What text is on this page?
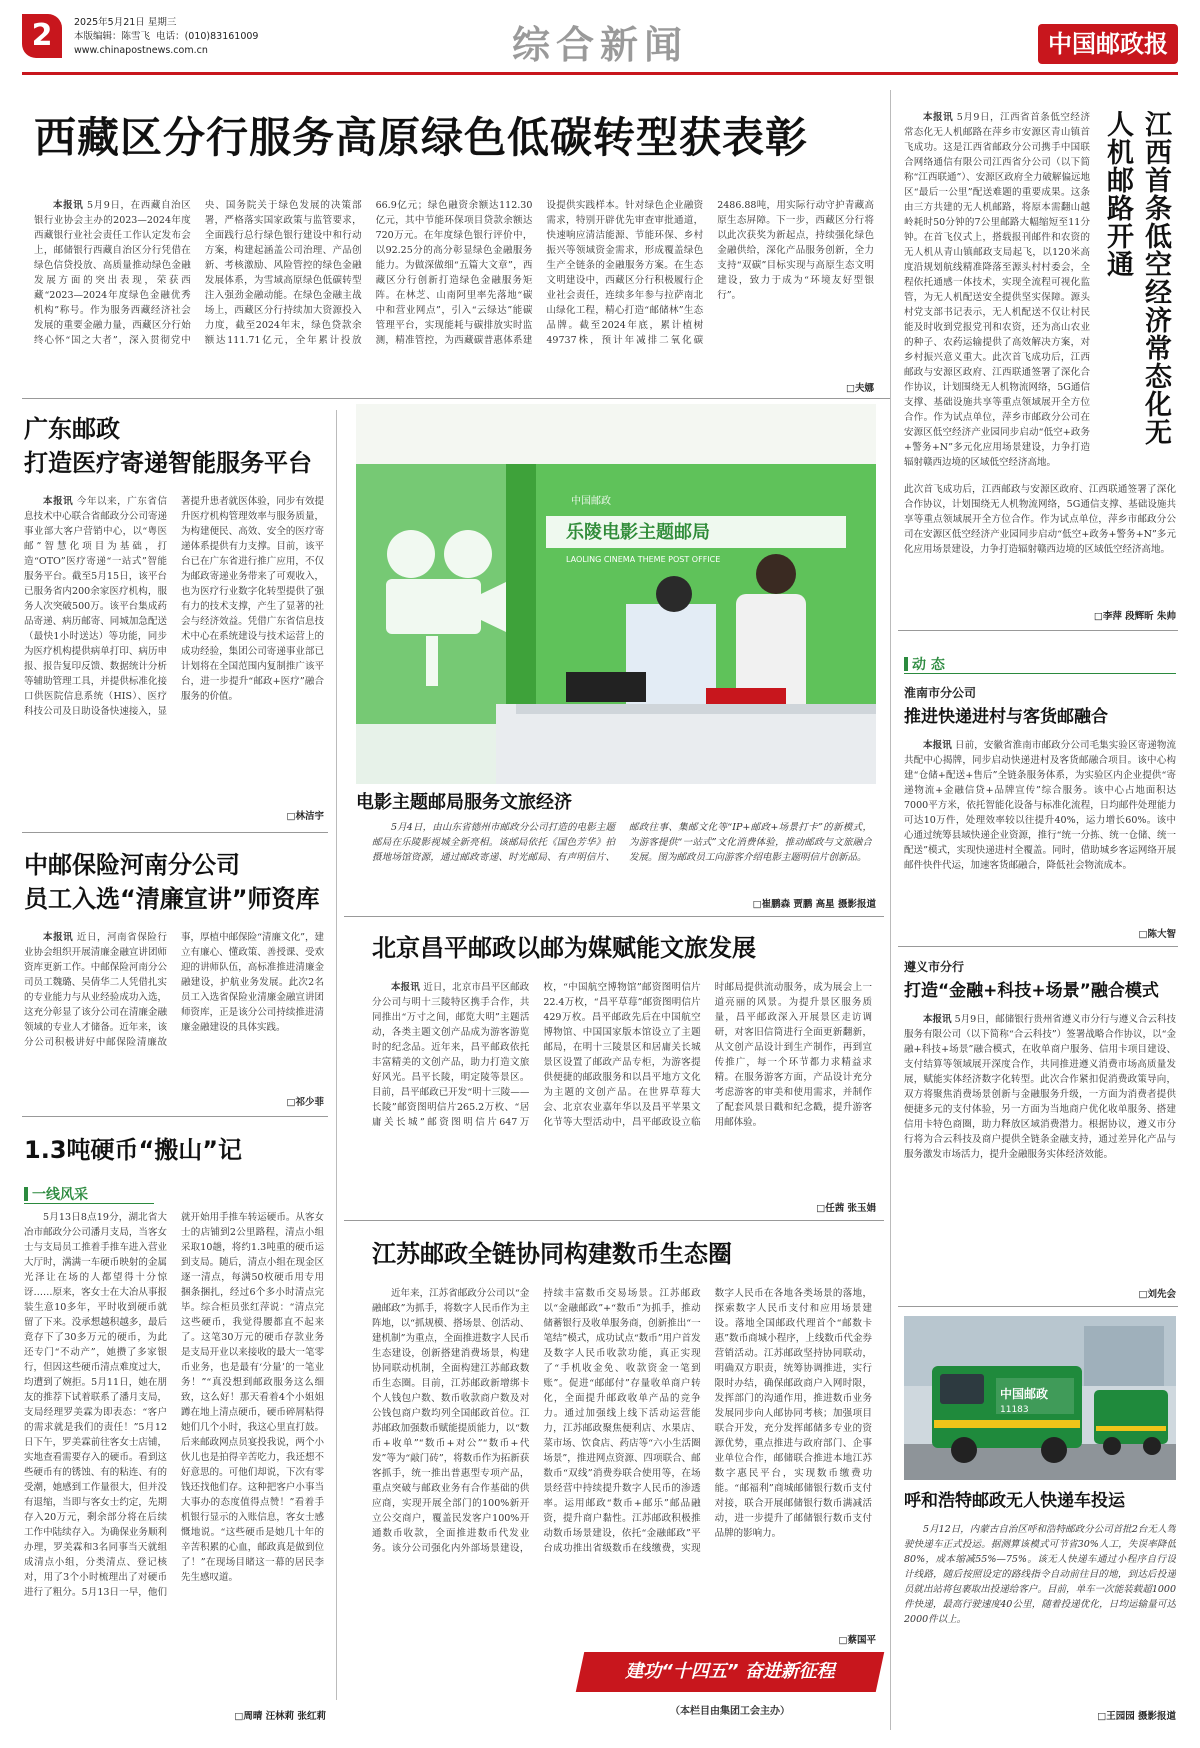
2	2025年5月21日 星期三
本版编辑：陈雪飞 电话：(010)83161009
www.chinapostnews.com.cn	综合新闻	中国邮政报
西藏区分行服务高原绿色低碳转型获表彰

本报讯 5月9日，在西藏自治区银行业协会主办的2023—2024年度西藏银行业社会责任工作认定发布会上，邮储银行西藏自治区分行凭借在绿色信贷投放、高质量推动绿色金融发展方面的突出表现，荣获西藏“2023—2024年度绿色金融优秀机构”称号。作为服务西藏经济社会发展的重要金融力量，西藏区分行始终心怀“国之大者”，深入贯彻党中央、国务院关于绿色发展的决策部署，严格落实国家政策与监管要求，全面践行总行绿色银行建设中和行动方案，构建起涵盖公司治理、产品创新、考核激励、风险管控的绿色金融发展体系，为雪域高原绿色低碳转型注入强劲金融动能。在绿色金融主战场上，西藏区分行持续加大资源投入力度，截至2024年末，绿色贷款余额达111.71亿元，全年累计投放66.9亿元；绿色融资余额达112.30亿元，其中节能环保项目贷款余额达720万元。在年度绿色银行评价中，以92.25分的高分彰显绿色金融服务能力。为做深做细“五篇大文章”，西藏区分行创新打造绿色金融服务矩阵。在林芝、山南阿里率先落地“碳中和营业网点”，引入“云绿达”能碳管理平台，实现能耗与碳排放实时监测，精准管控，为西藏碳普惠体系建设提供实践样本。针对绿色企业融资需求，特别开辟优先审查审批通道，快速响应清洁能源、节能环保、乡村振兴等领域资金需求，形成覆盖绿色生产全链条的金融服务方案。在生态文明建设中，西藏区分行积极履行企业社会责任，连续多年参与拉萨南北山绿化工程，精心打造“邮储林”生态品牌。截至2024年底，累计植树49737株，预计年减排二氧化碳2486.88吨，用实际行动守护青藏高原生态屏障。下一步，西藏区分行将以此次获奖为新起点，持续强化绿色金融供给，深化产品服务创新，全力支持“双碳”目标实现与高原生态文明建设，致力于成为“环境友好型银行”。

□夫娜
广东邮政
打造医疗寄递智能服务平台

本报讯 今年以来，广东省信息技术中心联合省邮政分公司寄递事业部大客户营销中心，以“粤医邮”智慧化项目为基础，打造“OTO”医疗寄递“一站式”智能服务平台。截至5月15日，该平台已服务省内200余家医疗机构，服务人次突破500万。该平台集成药品寄递、病历邮寄、同城加急配送（最快1小时送达）等功能，同步为医疗机构提供病单打印、病历申报、报告复印反馈、数据统计分析等辅助管理工具，并提供标准化接口供医院信息系统（HIS）、医疗科技公司及日助设备快速接入，显著提升患者就医体验，同步有效提升医疗机构管理效率与服务质量，为构建便民、高效、安全的医疗寄递体系提供有力支撑。目前，该平台已在广东省进行推广应用，不仅为邮政寄递业务带来了可观收入，也为医疗行业数字化转型提供了强有力的技术支撑，产生了显著的社会与经济效益。凭借广东省信息技术中心在系统建设与技术运营上的成功经验，集团公司寄递事业部已计划将在全国范围内复制推广该平台，进一步提升“邮政+医疗”融合服务的价值。

□林洁宇
中邮保险河南分公司
员工入选“清廉宣讲”师资库

本报讯 近日，河南省保险行业协会组织开展清廉金融宣讲团师资库更新工作。中邮保险河南分公司员工魏璐、吴倩华二人凭借扎实的专业能力与从业经验成功入选，这充分彰显了该分公司在清廉金融领域的专业人才储备。近年来，该分公司积极讲好中邮保险清廉故事，厚植中邮保险“清廉文化”，建立有廉心、懂政策、善授课、受欢迎的讲师队伍，高标准推进清廉金融建设，护航业务发展。此次2名员工入选省保险业清廉金融宣讲团师资库，正是该分公司持续推进清廉金融建设的具体实践。

□祁少菲
1.3吨硬币“搬山”记
一线风采

5月13日8点19分，湖北省大冶市邮政分公司潘月支局，当客女士与支局员工推着手推车进入营业大厅时，满满一车硬币映射的金属光泽让在场的人都望得十分惊讶……原来，客女士在大冶从事报装生意10多年，平时收到硬币就留了下来。没承想越积越多，最后竟存下了30多万元的硬币，为此还专门“不动产”，她攒了多家银行，但因这些硬币清点难度过大，均遭到了婉拒。5月11日，她在朋友的推荐下试着联系了潘月支局，支局经理罗美霖为即表态：“客户的需求就是我们的责任！”5月12日下午，罗美霖前往客女士店铺，实地查看需要存入的硬币。看到这些硬币有的锈蚀、有的粘连、有的受潮，她感到工作量很大，但并没有退缩，当即与客女士约定，先期存入20万元，剩余部分将在后续工作中陆续存入。为确保业务顺利办理，罗美霖和3名同事当天就组成清点小组，分类清点、登记核对，用了3个小时梳理出了对硬币进行了粗分。5月13日一早，他们就开始用手推车转运硬币。从客女士的店铺到2公里路程，清点小组采取10趟，将约1.3吨重的硬币运到支局。随后，清点小组在现金区逐一清点，每满50枚硬币用专用捆条捆扎，经过6个多小时清点完毕。综合柜员张红萍说：“清点完这些硬币，我觉得腰都直不起来了。这笔30万元的硬币存款业务是支局开业以来接收的最大一笔零币业务，也是最有‘分量’的一笔业务！”“真没想到邮政服务这么细致，这么好！那天看着4个小姐姐蹲在地上清点硬币，硬币碎屑粘得她们几个小时，我这心里直打鼓。后来邮政网点员宴投我说，两个小伙儿也是拍得辛苦吃力，我还想不好意思的。可他们却说，下次有零钱还找他们存。这种把客户小事当大事办的态度值得点赞！”看着手机银行显示的入账信息，客女士感慨地说。“这些硬币是她几十年的辛苦积累的心血，邮政真是做到位了！”在现场目睹这一幕的居民李先生感叹道。

□周晴 汪林莉 张红莉
乐陵电影主题邮局
LAOLING CINEMA THEME POST OFFICE
中国邮政
电影主题邮局服务文旅经济

5月4日，由山东省德州市邮政分公司打造的电影主题邮局在乐陵影视城全新亮相。该邮局依托《国色芳华》拍摄地场馆资源，通过邮政寄递、时光邮局、有声明信片、邮政往事、集邮文化等“IP+邮政+场景打卡”的新模式，为游客提供“一站式”文化消费体验，推动邮政与文旅融合发展。图为邮政员工向游客介绍电影主题明信片创新品。

□崔鹏森 贾鹏 高星 摄影报道
北京昌平邮政以邮为媒赋能文旅发展

本报讯 近日，北京市昌平区邮政分公司与明十三陵特区携手合作，共同推出“万寸之间，邮览大明”主题活动，各类主题文创产品成为游客游览时的纪念品。近年来，昌平邮政依托丰富精美的文创产品，助力打造文旅好风光。昌平长陵，明定陵等景区。目前，昌平邮政已开发“明十三陵——长陵”邮资图明信片265.2万枚、“居庸关长城”邮资图明信片647万枚，“中国航空博物馆”邮资图明信片22.4万枚，“昌平草莓”邮资图明信片429万枚。昌平邮政先后在中国航空博物馆、中国国家版本馆设立了主题邮局，在明十三陵景区和居庸关长城景区设置了邮政产品专柜，为游客提供便捷的邮政服务和以昌平地方文化为主题的文创产品。在世界草莓大会、北京农业嘉年华以及昌平苹果文化节等大型活动中，昌平邮政设立临时邮局提供流动服务，成为展会上一道亮丽的风景。为提升景区服务质量，昌平邮政深入开展景区走访调研，对客旧信筒进行全面更新翻新，从文创产品设计到生产制作，再到宣传推广，每一个环节都力求精益求精。在服务游客方面，产品设计充分考虑游客的审美和使用需求，并制作了配套风景日戳和纪念戳，提升游客用邮体验。

□任茜 张玉娟
江苏邮政全链协同构建数币生态圈

近年来，江苏省邮政分公司以“金融邮政”为抓手，将数字人民币作为主阵地，以“抓规模、搭场景、创活动、建机制”为重点，全面推进数字人民币生态建设，创新搭建消费场景，构建协同联动机制，全面构建江苏邮政数币生态圈。目前，江苏邮政新增绑卡个人钱包户数、数币收款商户数及对公钱包商户数均列全国邮政首位。江苏邮政加强数币赋能提质能力，以“数币+收单”“数币+对公”“数币+代发”等为“敲门砖”，将数币作为拓新获客抓手，统一推出普惠型专项产品，重点突破与邮政业务有合作基础的供应商，实现开展全部门的100%新开立公交商户，覆盖民发客户100%开通数币收款，全面推进数币代发业务。该分公司强化内外部场景建设，持续丰富数币交易场景。江苏邮政以“金融邮政”+“数币”为抓手，推动储蓄银行及收单服务商，创新推出“一笔结”模式，成功试点“数币”用户首发及数字人民币收款功能，真正实现了“手机收金免、收款资金一笔到账”。促进“邮邮付”存量收单商户转化，全面提升邮政收单产品的竞争力。通过加强线上线下活动运营能力，江苏邮政聚焦便利店、水果店、菜市场、饮食店、药店等“六小生活圈场景”，推进网点资源、四项联合、邮数币“双线”消费券联合使用等，在场景经营中持续提升数字人民币的渗透率。运用邮政“数币+邮乐”邮品融资，提升商户黏性。江苏邮政积极推动数币场景建设，依托“金融邮政”平台成功推出省级数币在线缴费，实现数字人民币在各地各类场景的落地，探索数字人民币支付和应用场景建设。落地全国邮政代理首个“邮数卡惠”数币商城小程序，上线数币代金券营销活动。江苏邮政坚持协同联动，明确双方职责，统筹协调推进，实行限时办结，确保邮政商户入网时限，发挥部门的沟通作用，推进数币业务发展同步向人邮协同考核；加强项目联合开发，充分发挥邮储多专业的资源优势，重点推进与政府部门、企事业单位合作，邮储联合推进本地江苏数字惠民平台，实现数币缴费功能。“邮福利”商城邮储银行数币支付对接，联合开展邮储银行数币满减活动，进一步提升了邮储银行数币支付品牌的影响力。

□蔡国平
建功“十四五” 奋进新征程
（本栏目由集团工会主办）
江西首条低空经济常态化无人机邮路开通

本报讯 5月9日，江西省首条低空经济常态化无人机邮路在萍乡市安源区青山镇首飞成功。这是江西省邮政分公司携手中国联合网络通信有限公司江西省分公司（以下简称“江西联通”）、安源区政府全力破解偏远地区“最后一公里”配送难题的重要成果。这条由三方共建的无人机邮路，将原本需翻山越岭耗时50分钟的7公里邮路大幅缩短至11分钟。在首飞仪式上，搭载报刊邮件和农资的无人机从青山镇邮政支局起飞，以120米高度沿规划航线精准降落至源头村村委会，全程依托通感一体技术，实现全流程可视化监管，为无人机配送安全提供坚实保障。源头村党支部书记表示，无人机配送不仅让村民能及时收到党报党刊和农资，还为高山农业的种子、农药运输提供了高效解决方案，对乡村振兴意义重大。此次首飞成功后，江西邮政与安源区政府、江西联通签署了深化合作协议，计划围绕无人机物流网络，5G通信支撑、基础设施共享等重点领域展开全方位合作。作为试点单位，萍乡市邮政分公司在安源区低空经济产业园同步启动“低空+政务+警务+N”多元化应用场景建设，力争打造辐射赣西边境的区域低空经济高地。

此次首飞成功后，江西邮政与安源区政府、江西联通签署了深化合作协议，计划围绕无人机物流网络，5G通信支撑、基础设施共享等重点领域展开全方位合作。作为试点单位，萍乡市邮政分公司在安源区低空经济产业园同步启动“低空+政务+警务+N”多元化应用场景建设，力争打造辐射赣西边境的区域低空经济高地。

□李萍 段辉昕 朱帅
动 态
淮南市分公司
推进快递进村与客货邮融合

本报讯 日前，安徽省淮南市邮政分公司毛集实验区寄递物流共配中心揭牌，同步启动快递进村及客货邮融合项目。该中心构建“仓储+配送+售后”全链条服务体系，为实验区内企业提供“寄递物流+金融信贷+品牌宣传”综合服务。该中心占地面积达7000平方米，依托智能化设备与标准化流程，日均邮件处理能力可达10万件，处理效率较以往提升40%，运力增长60%。该中心通过统筹县域快递企业资源，推行“统一分拣、统一仓储、统一配送”模式，实现快递进村全覆盖。同时，借助城乡客运网络开展邮件快件代运，加速客货邮融合，降低社会物流成本。

□陈大智
遵义市分行
打造“金融+科技+场景”融合模式

本报讯 5月9日，邮储银行贵州省遵义市分行与遵义合云科技服务有限公司（以下简称“合云科技”）签署战略合作协议，以“金融+科技+场景”融合模式，在收单商户服务、信用卡项目建设、支付结算等领域展开深度合作，共同推进遵义消费市场高质量发展，赋能实体经济数字化转型。此次合作紧扣促消费政策导向，双方将聚焦消费场景创新与金融服务升级，一方面为消费者提供便捷多元的支付体验，另一方面为当地商户优化收单服务、搭建信用卡特色商圈，助力释放区域消费潜力。根据协议，遵义市分行将为合云科技及商户提供全链条金融支持，通过差异化产品与服务激发市场活力，提升金融服务实体经济效能。

□刘先会
中国邮政
11183
呼和浩特邮政无人快递车投运

5月12日，内蒙古自治区呼和浩特邮政分公司首批2台无人驾驶快递车正式投运。据测算该模式可节省30%人工，失误率降低80%，成本缩减55%—75%。该无人快递车通过小程序自行设计线路，随后按照设定的路线指令自动前往目的地，到达后投递员就出站将包裹取出投递给客户。目前，单车一次能装载超1000件快递，最高行驶速度40公里，随着投递优化，日均运输量可达2000件以上。

□王园园 摄影报道
